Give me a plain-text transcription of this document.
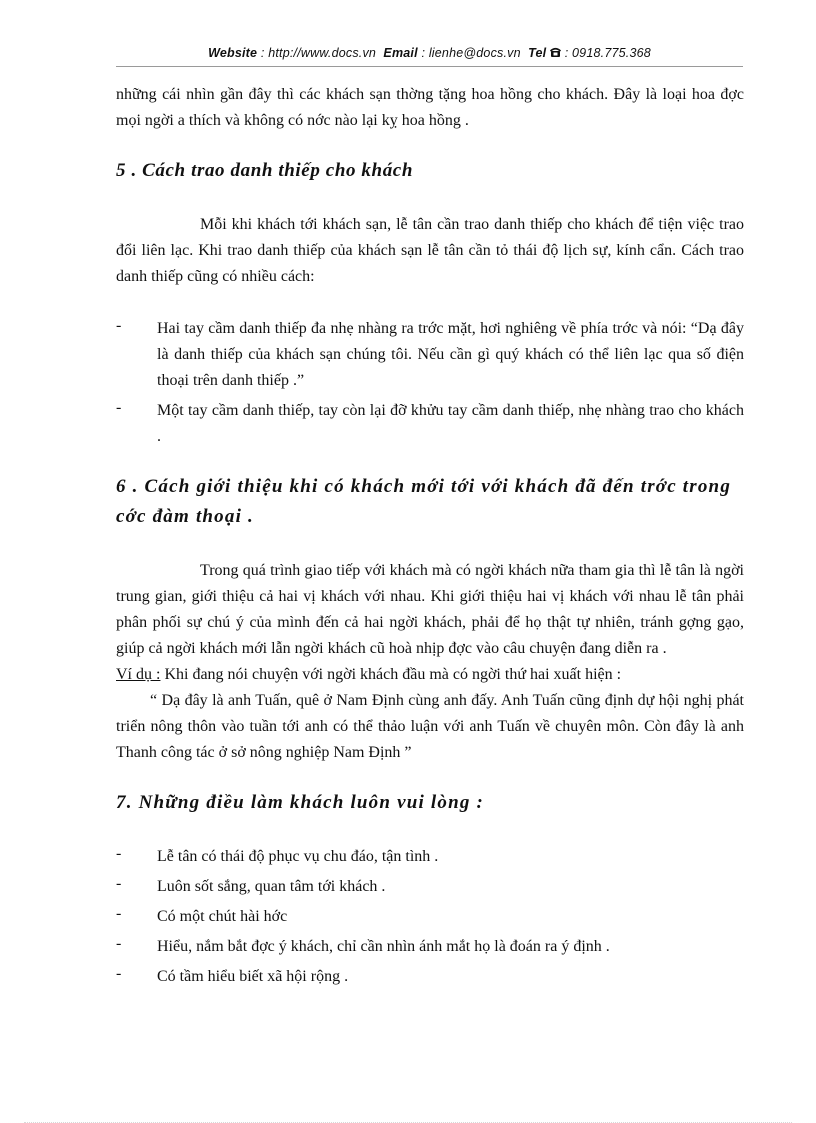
Website : http://www.docs.vn Email : lienhe@docs.vn Tel : 0918.775.368

những cái nhìn gần đây thì các khách sạn thờng tặng hoa hồng cho khách. Đây là loại hoa đợc mọi ngời a thích và không có nớc nào lại kỵ hoa hồng .

5 . Cách trao danh thiếp cho khách

Mỗi khi khách tới khách sạn, lễ tân cần trao danh thiếp cho khách để tiện việc trao đổi liên lạc. Khi trao danh thiếp của khách sạn lễ tân cần tỏ thái độ lịch sự, kính cẩn. Cách trao danh thiếp cũng có nhiều cách:

- Hai tay cầm danh thiếp đa nhẹ nhàng ra trớc mặt, hơi nghiêng về phía trớc và nói: “Dạ đây là danh thiếp của khách sạn chúng tôi. Nếu cần gì quý khách có thể liên lạc qua số điện thoại trên danh thiếp .”
- Một tay cầm danh thiếp, tay còn lại đỡ khửu tay cầm danh thiếp, nhẹ nhàng trao cho khách .
6 . Cách giới thiệu khi có khách mới tới với khách đã đến trớc trong cớc đàm thoại .

Trong quá trình giao tiếp với khách mà có ngời khách nữa tham gia thì lễ tân là ngời trung gian, giới thiệu cả hai vị khách với nhau. Khi giới thiệu hai vị khách với nhau lễ tân phải phân phối sự chú ý của mình đến cả hai ngời khách, phải để họ thật tự nhiên, tránh gợng gạo, giúp cả ngời khách mới lẫn ngời khách cũ hoà nhịp đợc vào câu chuyện đang diễn ra .

Ví dụ : Khi đang nói chuyện với ngời khách đầu mà có ngời thứ hai xuất hiện :

“ Dạ đây là anh Tuấn, quê ở Nam Định cùng anh đấy. Anh Tuấn cũng định dự hội nghị phát triển nông thôn vào tuần tới anh có thể thảo luận với anh Tuấn về chuyên môn. Còn đây là anh Thanh công tác ở sở nông nghiệp Nam Định ”

7. Những điều làm khách luôn vui lòng :
- Lễ tân có thái độ phục vụ chu đáo, tận tình .
- Luôn sốt sắng, quan tâm tới khách .
- Có một chút hài hớc
- Hiểu, nắm bắt đợc ý khách, chỉ cần nhìn ánh mắt họ là đoán ra ý định .
- Có tầm hiểu biết xã hội rộng .
